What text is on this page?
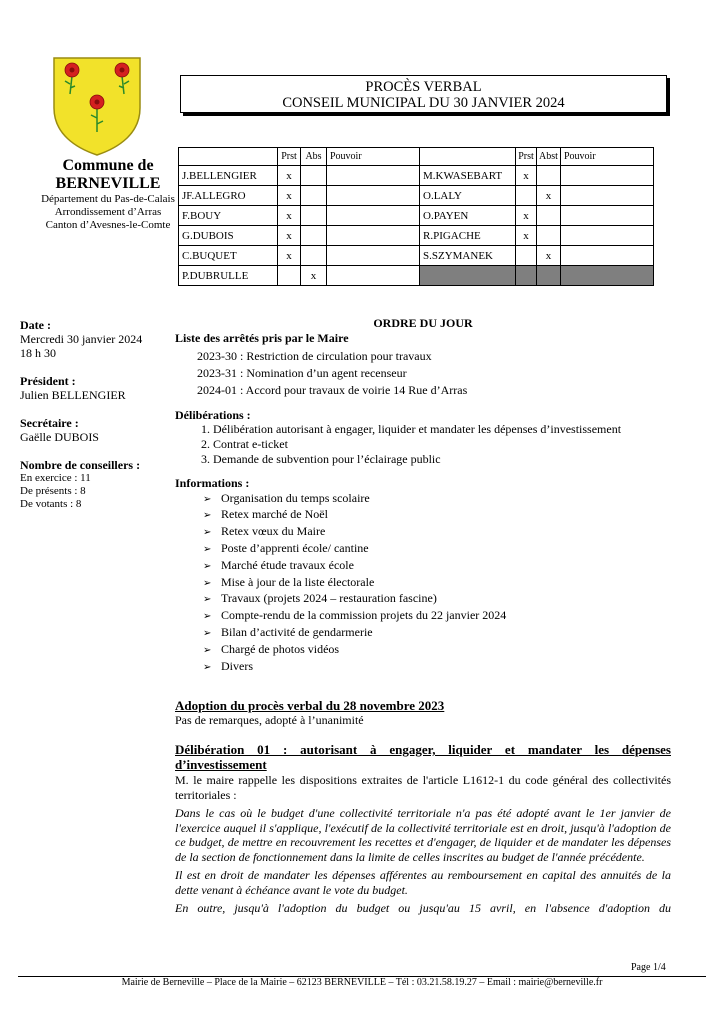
Commune de
BERNEVILLE
Département du Pas-de-Calais
Arrondissement d’Arras
Canton d’Avesnes-le-Comte
PROCÈS VERBAL
CONSEIL MUNICIPAL DU 30 JANVIER 2024
	Prst	Abs	Pouvoir		Prst	Abst	Pouvoir
J.BELLENGIER	x			M.KWASEBART	x		
JF.ALLEGRO	x			O.LALY		x	
F.BOUY	x			O.PAYEN	x		
G.DUBOIS	x			R.PIGACHE	x		
C.BUQUET	x			S.SZYMANEK		x	
P.DUBRULLE		x					
Date :
Mercredi 30 janvier 2024
18 h 30
Président :
Julien BELLENGIER
Secrétaire :
Gaëlle DUBOIS
Nombre de conseillers :
En exercice : 11
De présents : 8
De votants : 8
ORDRE DU JOUR
Liste des arrêtés pris par le Maire
2023-30 : Restriction de circulation pour travaux
2023-31 : Nomination d’un agent recenseur
2024-01 : Accord pour travaux de voirie 14 Rue d’Arras
Délibérations :
1. Délibération autorisant à engager, liquider et mandater les dépenses d’investissement
2. Contrat e-ticket
3. Demande de subvention pour l’éclairage public
Informations :
➢ Organisation du temps scolaire
➢ Retex marché de Noël
➢ Retex vœux du Maire
➢ Poste d’apprenti école/ cantine
➢ Marché étude travaux école
➢ Mise à jour de la liste électorale
➢ Travaux (projets 2024 – restauration fascine)
➢ Compte-rendu de la commission projets du 22 janvier 2024
➢ Bilan d’activité de gendarmerie
➢ Chargé de photos vidéos
➢ Divers
Adoption du procès verbal du 28 novembre 2023
Pas de remarques, adopté à l’unanimité
Délibération 01 : autorisant à engager, liquider et mandater les dépenses
d’investissement
M. le maire rappelle les dispositions extraites de l'article L1612-1 du code général des collectivités territoriales :
Dans le cas où le budget d'une collectivité territoriale n'a pas été adopté avant le 1er janvier de l'exercice auquel il s'applique, l'exécutif de la collectivité territoriale est en droit, jusqu'à l'adoption de ce budget, de mettre en recouvrement les recettes et d'engager, de liquider et de mandater les dépenses de la section de fonctionnement dans la limite de celles inscrites au budget de l'année précédente.
Il est en droit de mandater les dépenses afférentes au remboursement en capital des annuités de la dette venant à échéance avant le vote du budget.
En outre, jusqu'à l'adoption du budget ou jusqu'au 15 avril, en l'absence d'adoption du
Page 1/4
Mairie de Berneville – Place de la Mairie – 62123 BERNEVILLE – Tél : 03.21.58.19.27 – Email : mairie@berneville.fr
